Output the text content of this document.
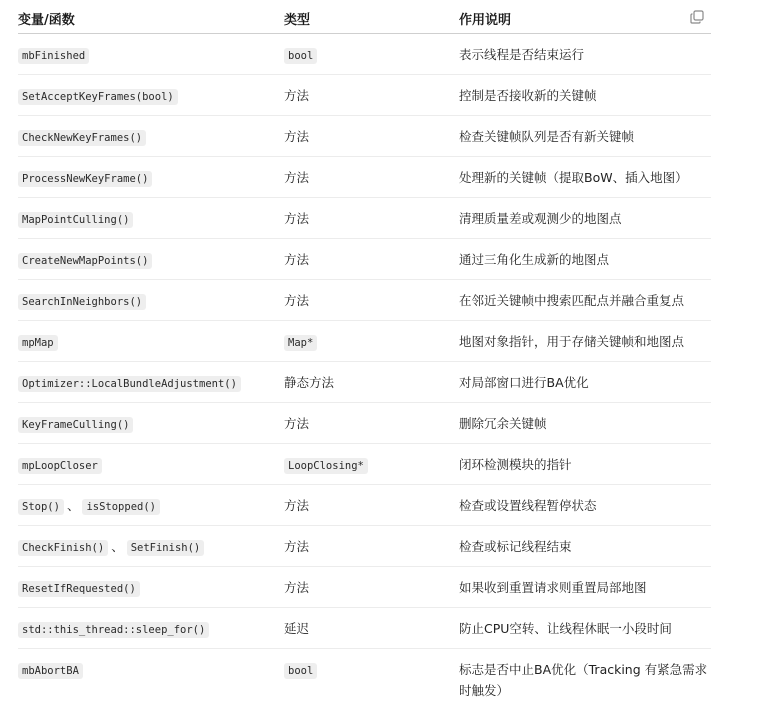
变量/函数	类型	作用说明

mbFinished	bool	表示线程是否结束运行
SetAcceptKeyFrames(bool)	方法	控制是否接收新的关键帧
CheckNewKeyFrames()	方法	检查关键帧队列是否有新关键帧
ProcessNewKeyFrame()	方法	处理新的关键帧（提取BoW、插入地图）
MapPointCulling()	方法	清理质量差或观测少的地图点
CreateNewMapPoints()	方法	通过三角化生成新的地图点
SearchInNeighbors()	方法	在邻近关键帧中搜索匹配点并融合重复点
mpMap	Map*	地图对象指针，用于存储关键帧和地图点
Optimizer::LocalBundleAdjustment()	静态方法	对局部窗口进行BA优化
KeyFrameCulling()	方法	删除冗余关键帧
mpLoopCloser	LoopClosing*	闭环检测模块的指针
Stop() 、 isStopped()	方法	检查或设置线程暂停状态
CheckFinish() 、 SetFinish()	方法	检查或标记线程结束
ResetIfRequested()	方法	如果收到重置请求则重置局部地图
std::this_thread::sleep_for()	延迟	防止CPU空转、让线程休眠一小段时间
mbAbortBA	bool	标志是否中止BA优化（Tracking 有紧急需求时触发）
